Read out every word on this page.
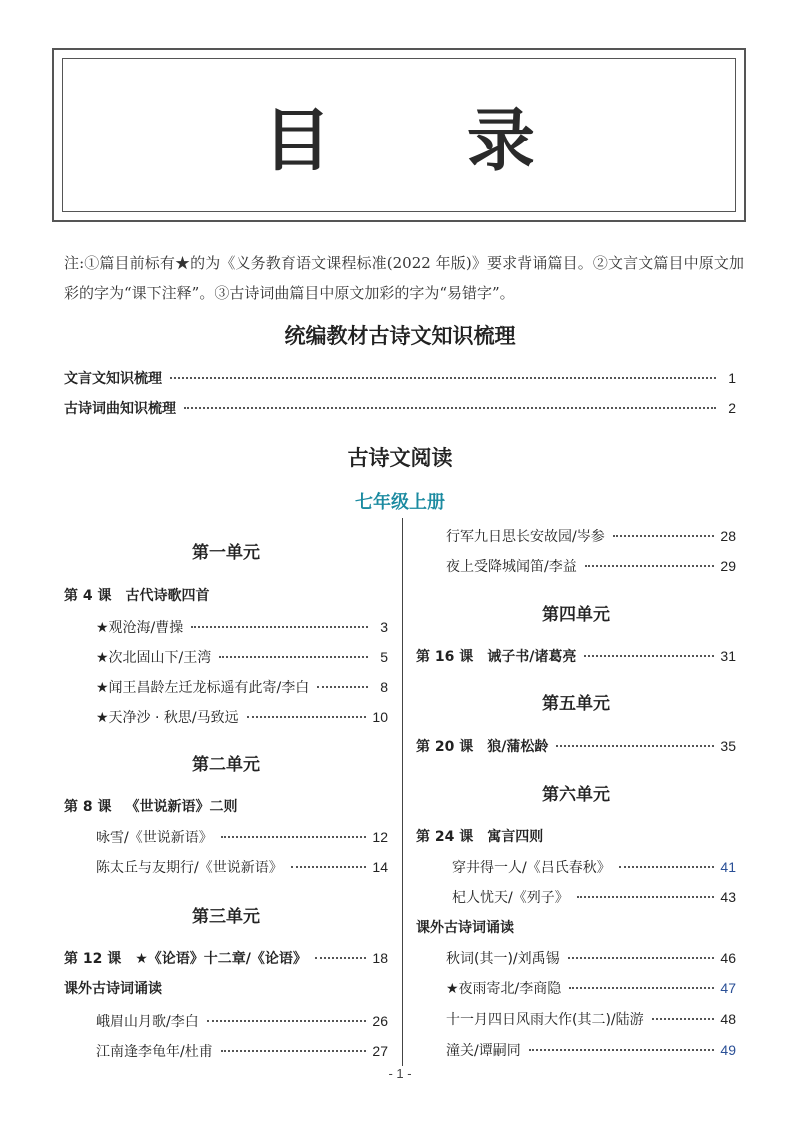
目 录
注:①篇目前标有★的为《义务教育语文课程标准(2022 年版)》要求背诵篇目。②文言文篇目中原文加彩的字为“课下注释”。③古诗词曲篇目中原文加彩的字为“易错字”。
统编教材古诗文知识梳理
文言文知识梳理	1
古诗词曲知识梳理	2
古诗文阅读
七年级上册
第一单元
第 4 课 古代诗歌四首
★观沧海/曹操	3
★次北固山下/王湾	5
★闻王昌龄左迁龙标遥有此寄/李白	8
★天净沙 · 秋思/马致远	10
第二单元
第 8 课 《世说新语》二则
咏雪/《世说新语》	12
陈太丘与友期行/《世说新语》	14
第三单元
第 12 课 ★《论语》十二章/《论语》	18
课外古诗词诵读
峨眉山月歌/李白	26
江南逢李龟年/杜甫	27
行军九日思长安故园/岑参	28
夜上受降城闻笛/李益	29
第四单元
第 16 课 诫子书/诸葛亮	31
第五单元
第 20 课 狼/蒲松龄	35
第六单元
第 24 课 寓言四则
穿井得一人/《吕氏春秋》	41
杞人忧天/《列子》	43
课外古诗词诵读
秋词(其一)/刘禹锡	46
★夜雨寄北/李商隐	47
十一月四日风雨大作(其二)/陆游	48
潼关/谭嗣同	49
- 1 -
